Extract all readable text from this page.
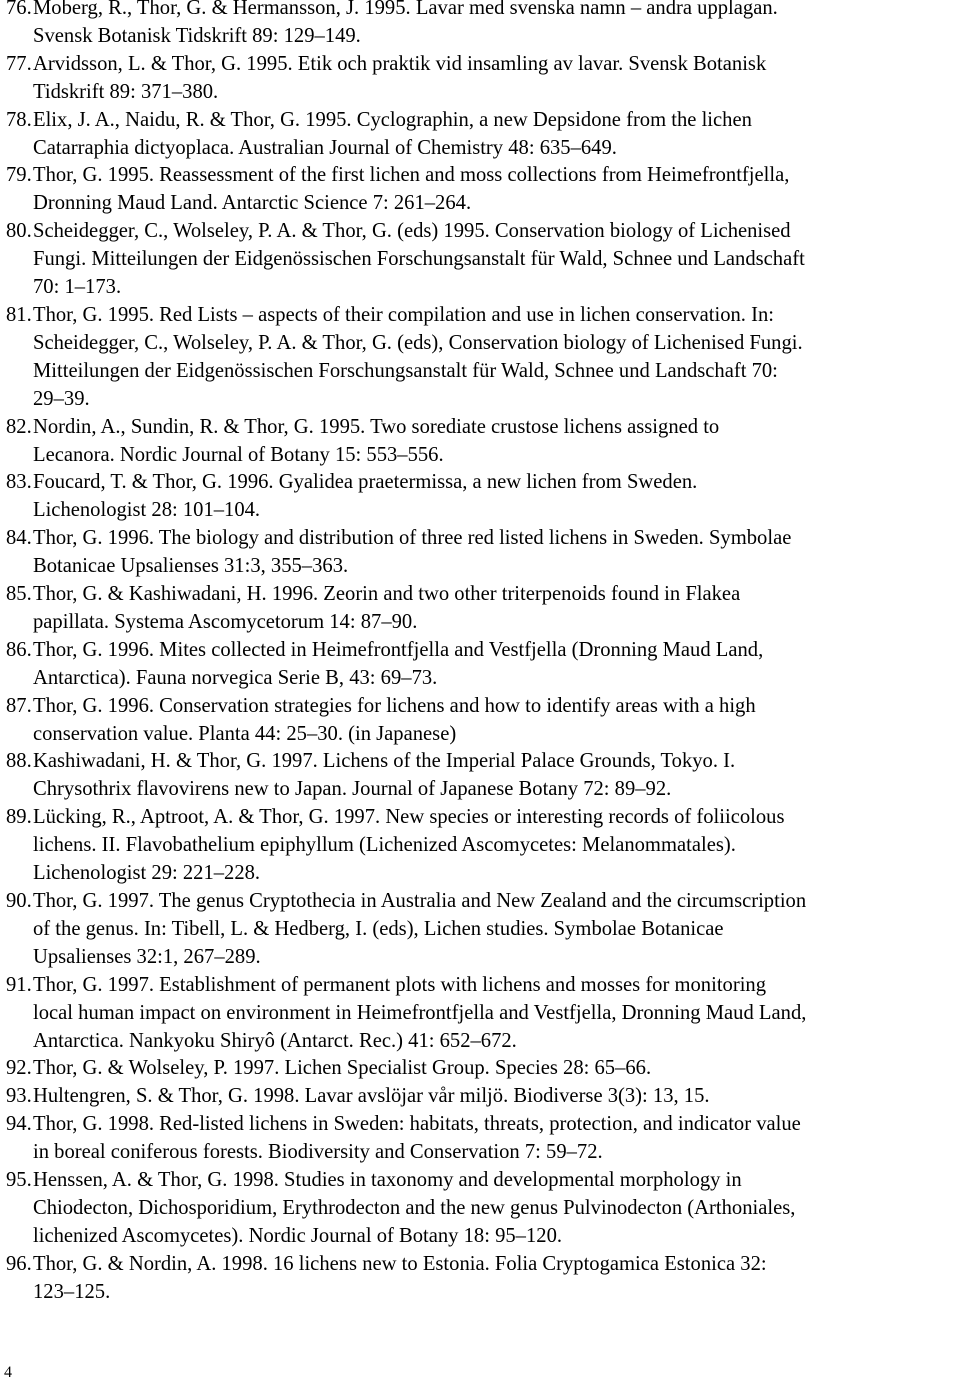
76. Moberg, R., Thor, G. & Hermansson, J. 1995. Lavar med svenska namn – andra upplagan.
Svensk Botanisk Tidskrift 89: 129–149.
77. Arvidsson, L. & Thor, G. 1995. Etik och praktik vid insamling av lavar. Svensk Botanisk
Tidskrift 89: 371–380.
78. Elix, J. A., Naidu, R. & Thor, G. 1995. Cyclographin, a new Depsidone from the lichen
Catarraphia dictyoplaca. Australian Journal of Chemistry 48: 635–649.
79. Thor, G. 1995. Reassessment of the first lichen and moss collections from Heimefrontfjella,
Dronning Maud Land. Antarctic Science 7: 261–264.
80. Scheidegger, C., Wolseley, P. A. & Thor, G. (eds) 1995. Conservation biology of Lichenised
Fungi. Mitteilungen der Eidgenössischen Forschungsanstalt für Wald, Schnee und Landschaft
70: 1–173.
81. Thor, G. 1995. Red Lists – aspects of their compilation and use in lichen conservation. In:
Scheidegger, C., Wolseley, P. A. & Thor, G. (eds), Conservation biology of Lichenised Fungi.
Mitteilungen der Eidgenössischen Forschungsanstalt für Wald, Schnee und Landschaft 70:
29–39.
82. Nordin, A., Sundin, R. & Thor, G. 1995. Two sorediate crustose lichens assigned to
Lecanora. Nordic Journal of Botany 15: 553–556.
83. Foucard, T. & Thor, G. 1996. Gyalidea praetermissa, a new lichen from Sweden.
Lichenologist 28: 101–104.
84. Thor, G. 1996. The biology and distribution of three red listed lichens in Sweden. Symbolae
Botanicae Upsalienses 31:3, 355–363.
85. Thor, G. & Kashiwadani, H. 1996. Zeorin and two other triterpenoids found in Flakea
papillata. Systema Ascomycetorum 14: 87–90.
86. Thor, G. 1996. Mites collected in Heimefrontfjella and Vestfjella (Dronning Maud Land,
Antarctica). Fauna norvegica Serie B, 43: 69–73.
87. Thor, G. 1996. Conservation strategies for lichens and how to identify areas with a high
conservation value. Planta 44: 25–30. (in Japanese)
88. Kashiwadani, H. & Thor, G. 1997. Lichens of the Imperial Palace Grounds, Tokyo. I.
Chrysothrix flavovirens new to Japan. Journal of Japanese Botany 72: 89–92.
89. Lücking, R., Aptroot, A. & Thor, G. 1997. New species or interesting records of foliicolous
lichens. II. Flavobathelium epiphyllum (Lichenized Ascomycetes: Melanommatales).
Lichenologist 29: 221–228.
90. Thor, G. 1997. The genus Cryptothecia in Australia and New Zealand and the circumscription
of the genus. In: Tibell, L. & Hedberg, I. (eds), Lichen studies. Symbolae Botanicae
Upsalienses 32:1, 267–289.
91. Thor, G. 1997. Establishment of permanent plots with lichens and mosses for monitoring
local human impact on environment in Heimefrontfjella and Vestfjella, Dronning Maud Land,
Antarctica. Nankyoku Shiryô (Antarct. Rec.) 41: 652–672.
92. Thor, G. & Wolseley, P. 1997. Lichen Specialist Group. Species 28: 65–66.
93. Hultengren, S. & Thor, G. 1998. Lavar avslöjar vår miljö. Biodiverse 3(3): 13, 15.
94. Thor, G. 1998. Red-listed lichens in Sweden: habitats, threats, protection, and indicator value
in boreal coniferous forests. Biodiversity and Conservation 7: 59–72.
95. Henssen, A. & Thor, G. 1998. Studies in taxonomy and developmental morphology in
Chiodecton, Dichosporidium, Erythrodecton and the new genus Pulvinodecton (Arthoniales,
lichenized Ascomycetes). Nordic Journal of Botany 18: 95–120.
96. Thor, G. & Nordin, A. 1998. 16 lichens new to Estonia. Folia Cryptogamica Estonica 32:
123–125.
4
